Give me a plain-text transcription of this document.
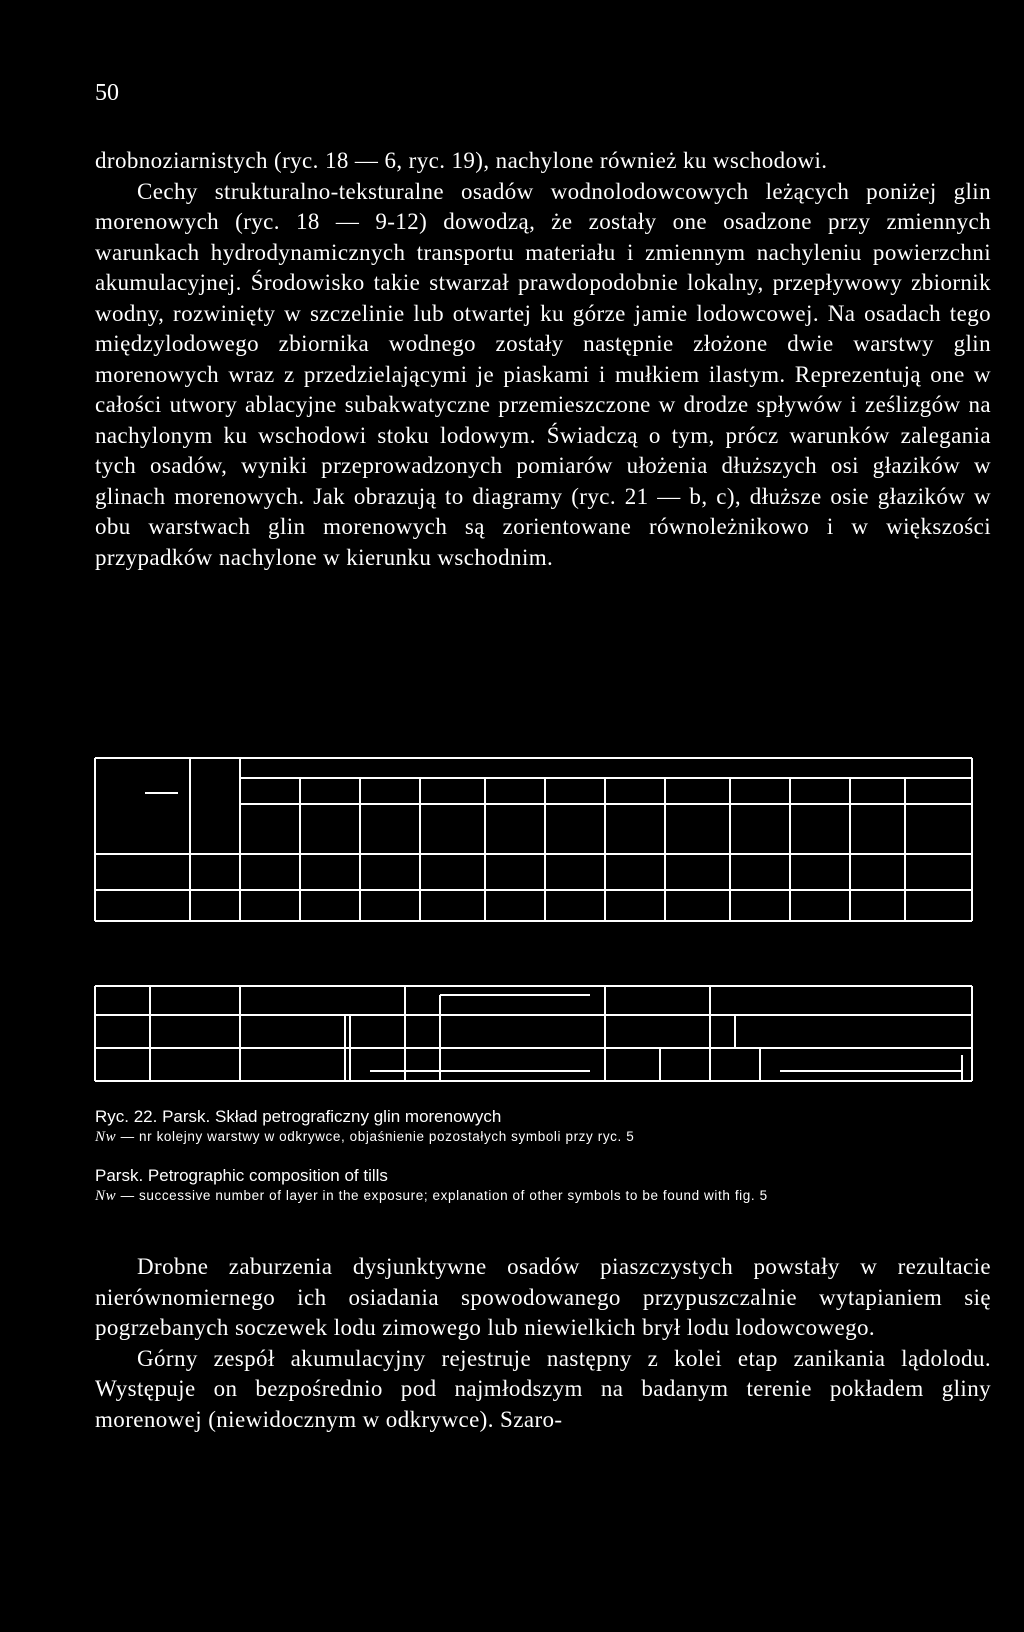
50

drobnoziarnistych (ryc. 18 — 6, ryc. 19), nachylone również ku wschodowi.

Cechy strukturalno-teksturalne osadów wodnolodowcowych leżących poniżej glin morenowych (ryc. 18 — 9-12) dowodzą, że zostały one osadzone przy zmiennych warunkach hydrodynamicznych transportu materiału i zmiennym nachyleniu powierzchni akumulacyjnej. Środowisko takie stwarzał prawdopodobnie lokalny, przepływowy zbiornik wodny, rozwinięty w szczelinie lub otwartej ku górze jamie lodowcowej. Na osadach tego międzylodowego zbiornika wodnego zostały następnie złożone dwie warstwy glin morenowych wraz z przedzielającymi je piaskami i mułkiem ilastym. Reprezentują one w całości utwory ablacyjne subakwatyczne przemieszczone w drodze spływów i ześlizgów na nachylonym ku wschodowi stoku lodowym. Świadczą o tym, prócz warunków zalegania tych osadów, wyniki przeprowadzonych pomiarów ułożenia dłuższych osi głazików w glinach morenowych. Jak obrazują to diagramy (ryc. 21 — b, c), dłuższe osie głazików w obu warstwach glin morenowych są zorientowane równoleżnikowo i w większości przypadków nachylone w kierunku wschodnim.

Ryc. 22. Parsk. Skład petrograficzny glin morenowych

Nw — nr kolejny warstwy w odkrywce, objaśnienie pozostałych symboli przy ryc. 5

Parsk. Petrographic composition of tills

Nw — successive number of layer in the exposure; explanation of other symbols to be found with fig. 5

Drobne zaburzenia dysjunktywne osadów piaszczystych powstały w rezultacie nierównomiernego ich osiadania spowodowanego przypuszczalnie wytapianiem się pogrzebanych soczewek lodu zimowego lub niewielkich brył lodu lodowcowego.

Górny zespół akumulacyjny rejestruje następny z kolei etap zanikania lądolodu. Występuje on bezpośrednio pod najmłodszym na badanym terenie pokładem gliny morenowej (niewidocznym w odkrywce). Szaro-
